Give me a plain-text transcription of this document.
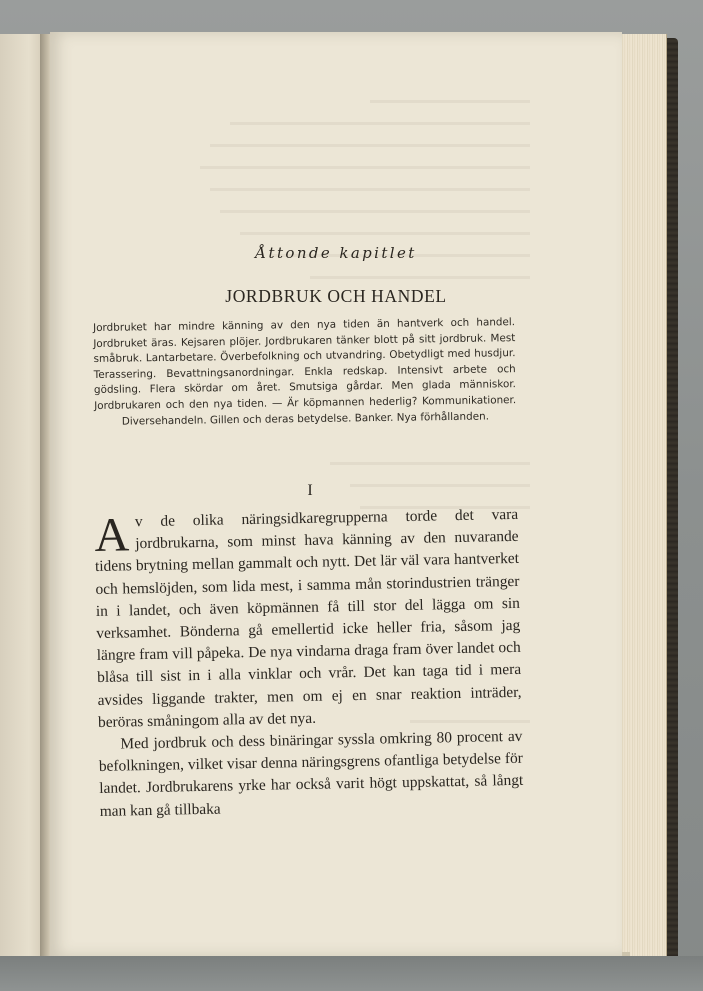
Åttonde kapitlet
JORDBRUK OCH HANDEL
Jordbruket har mindre känning av den nya tiden än hantverk och handel. Jordbruket äras. Kejsaren plöjer. Jordbrukaren tänker blott på sitt jordbruk. Mest småbruk. Lantarbetare. Överbefolkning och utvandring. Obetydligt med husdjur. Terassering. Bevattningsanordningar. Enkla redskap. Intensivt arbete och gödsling. Flera skördar om året. Smutsiga gårdar. Men glada människor. Jordbrukaren och den nya tiden. — Är köpmannen hederlig? Kommunikationer. Diversehandeln. Gillen och deras betydelse. Banker. Nya förhållanden.
I

Av de olika näringsidkaregrupperna torde det vara jordbrukarna, som minst hava känning av den nuvarande tidens brytning mellan gammalt och nytt. Det lär väl vara hantverket och hemslöjden, som lida mest, i samma mån storindustrien tränger in i landet, och även köpmännen få till stor del lägga om sin verksamhet. Bönderna gå emellertid icke heller fria, såsom jag längre fram vill påpeka. De nya vindarna draga fram över landet och blåsa till sist in i alla vinklar och vrår. Det kan taga tid i mera avsides liggande trakter, men om ej en snar reaktion inträder, beröras småningom alla av det nya.

Med jordbruk och dess binäringar syssla omkring 80 procent av befolkningen, vilket visar denna näringsgrens ofantliga betydelse för landet. Jordbrukarens yrke har också varit högt uppskattat, så långt man kan gå tillbaka
